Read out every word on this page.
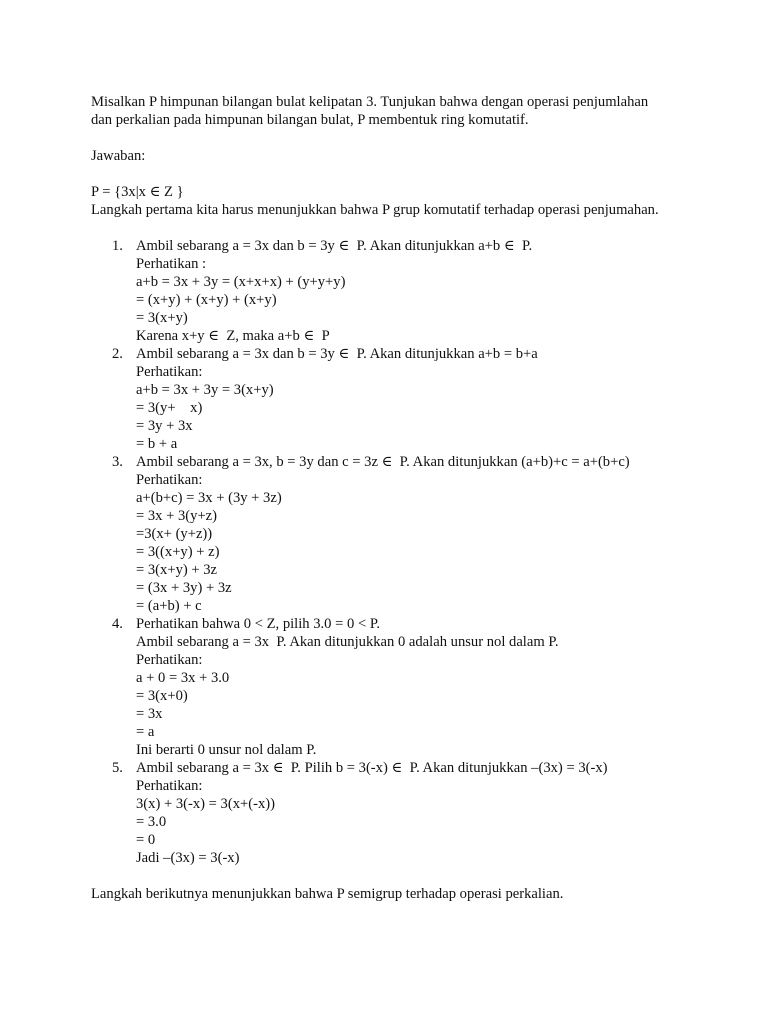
Misalkan P himpunan bilangan bulat kelipatan 3. Tunjukan bahwa dengan operasi penjumlahan
dan perkalian pada himpunan bilangan bulat, P membentuk ring komutatif.
Jawaban:
P = {3x|x ∈ Z }
Langkah pertama kita harus menunjukkan bahwa P grup komutatif terhadap operasi penjumahan.
1. Ambil sebarang a = 3x dan b = 3y ∈  P. Akan ditunjukkan a+b ∈  P.
Perhatikan :
a+b = 3x + 3y = (x+x+x) + (y+y+y)
= (x+y) + (x+y) + (x+y)
= 3(x+y)
Karena x+y ∈  Z, maka a+b ∈  P
2. Ambil sebarang a = 3x dan b = 3y ∈  P. Akan ditunjukkan a+b = b+a
Perhatikan:
a+b = 3x + 3y = 3(x+y)
= 3(y+    x)
= 3y + 3x
= b + a
3. Ambil sebarang a = 3x, b = 3y dan c = 3z ∈  P. Akan ditunjukkan (a+b)+c = a+(b+c)
Perhatikan:
a+(b+c) = 3x + (3y + 3z)
= 3x + 3(y+z)
=3(x+ (y+z))
= 3((x+y) + z)
= 3(x+y) + 3z
= (3x + 3y) + 3z
= (a+b) + c
4. Perhatikan bahwa 0 < Z, pilih 3.0 = 0 < P.
Ambil sebarang a = 3x  P. Akan ditunjukkan 0 adalah unsur nol dalam P.
Perhatikan:
a + 0 = 3x + 3.0
= 3(x+0)
= 3x
= a
Ini berarti 0 unsur nol dalam P.
5. Ambil sebarang a = 3x ∈  P. Pilih b = 3(-x) ∈  P. Akan ditunjukkan –(3x) = 3(-x)
Perhatikan:
3(x) + 3(-x) = 3(x+(-x))
= 3.0
= 0
Jadi –(3x) = 3(-x)
Langkah berikutnya menunjukkan bahwa P semigrup terhadap operasi perkalian.
